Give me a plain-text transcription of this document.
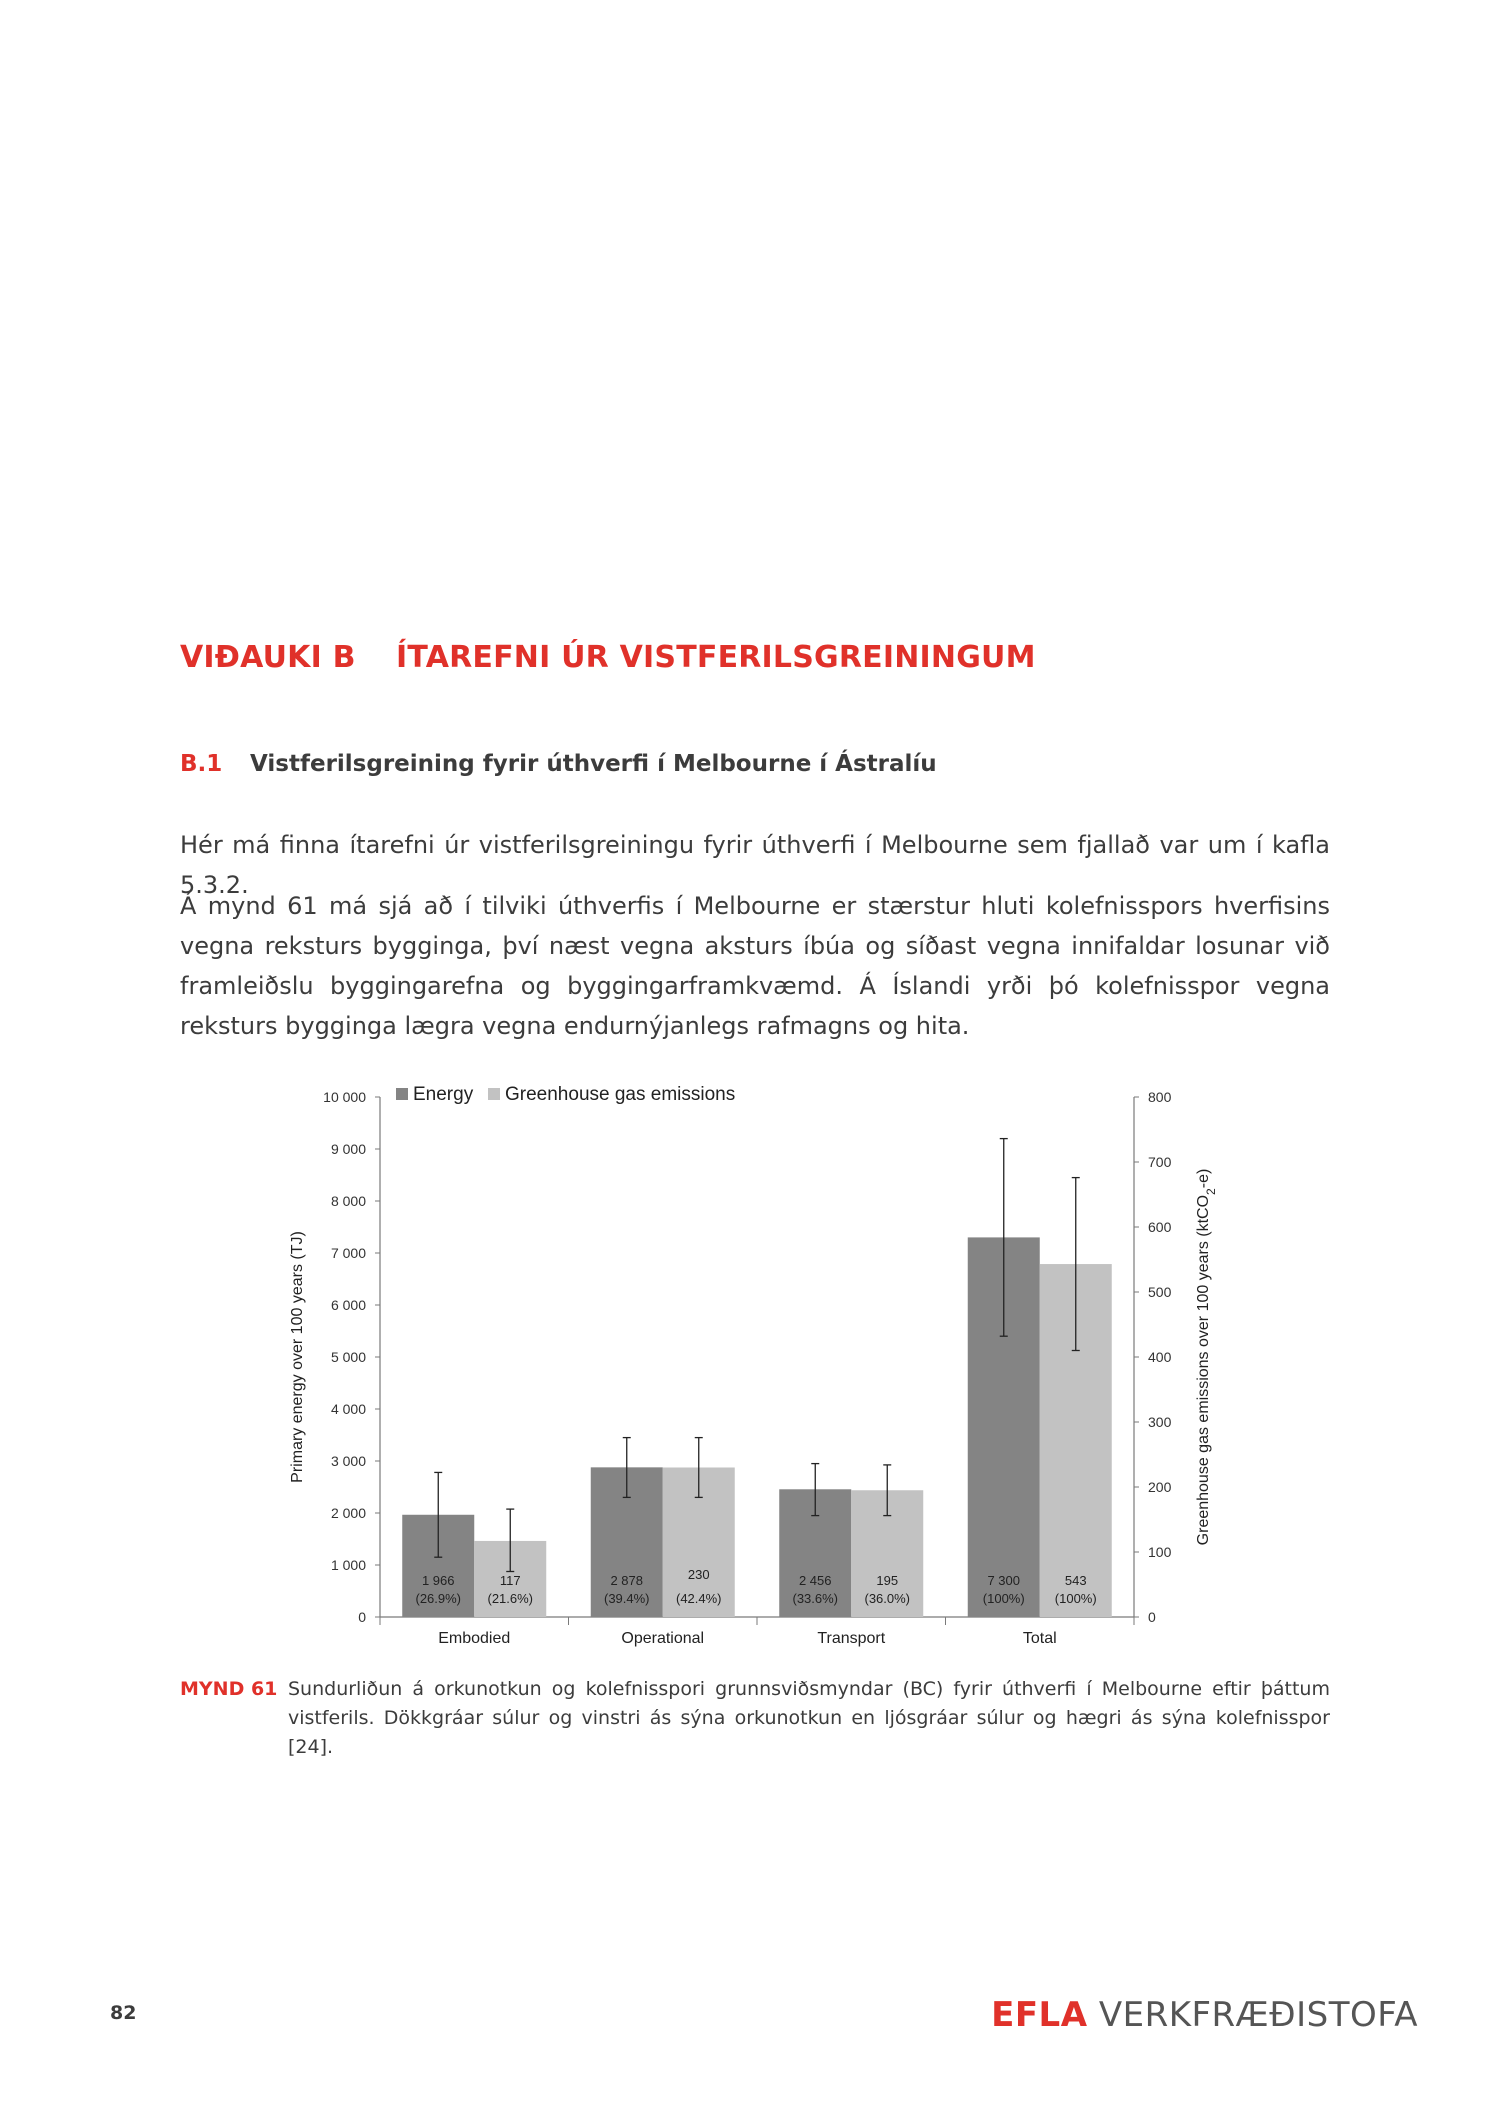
VIÐAUKI B ÍTAREFNI ÚR VISTFERILSGREININGUM
B.1 Vistferilsgreining fyrir úthverfi í Melbourne í Ástralíu

Hér má finna ítarefni úr vistferilsgreiningu fyrir úthverfi í Melbourne sem fjallað var um í kafla 5.3.2.

Á mynd 61 má sjá að í tilviki úthverfis í Melbourne er stærstur hluti kolefnisspors hverfisins vegna reksturs bygginga, því næst vegna aksturs íbúa og síðast vegna innifaldar losunar við framleiðslu byggingarefna og byggingarframkvæmd. Á Íslandi yrði þó kolefnisspor vegna reksturs bygginga lægra vegna endurnýjanlegs rafmagns og hita.

0
1 000
2 000
3 000
4 000
5 000
6 000
7 000
8 000
9 000
10 000
0
100
200
300
400
500
600
700
800
1 966
(26.9%)
117
(21.6%)
Embodied
2 878
(39.4%)
230
(42.4%)
Operational
2 456
(33.6%)
195
(36.0%)
Transport
7 300
(100%)
543
(100%)
Total
Energy Greenhouse gas emissions
Primary energy over 100 years (TJ)	Greenhouse gas emissions over 100 years (ktCO$_2$-e)
MYND 61 Sundurliðun á orkunotkun og kolefnisspori grunnsviðsmyndar (BC) fyrir úthverfi í Melbourne eftir þáttum vistferils. Dökkgráar súlur og vinstri ás sýna orkunotkun en ljósgráar súlur og hægri ás sýna kolefnisspor [24].
82	EFLA VERKFRÆÐISTOFA
